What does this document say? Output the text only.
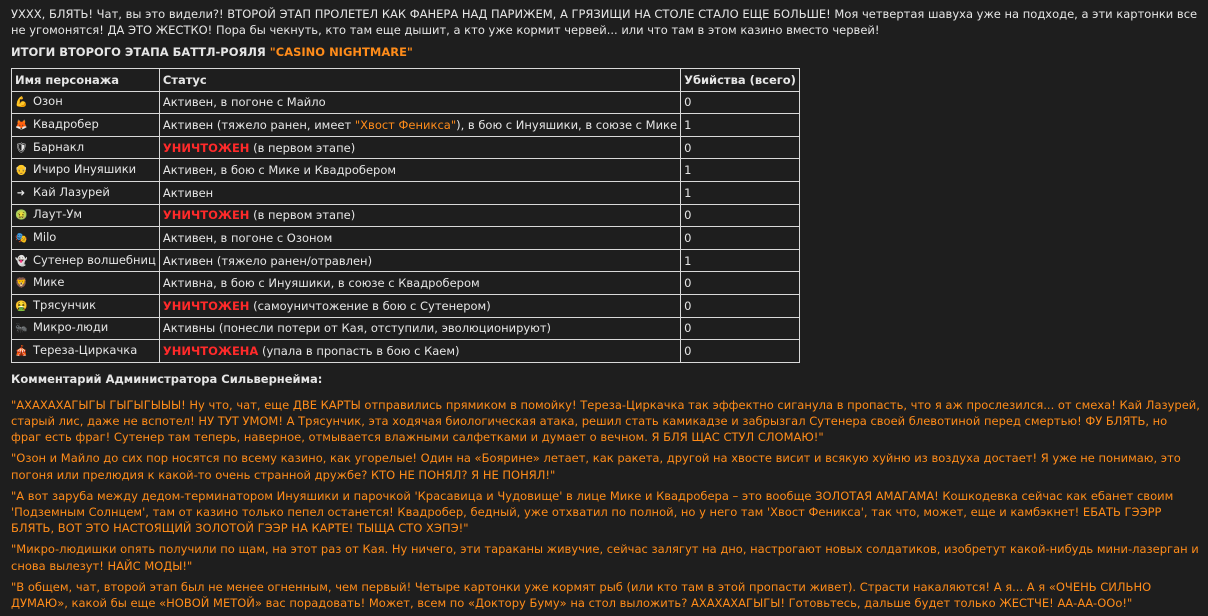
УХХХ, БЛЯТЬ! Чат, вы это видели?! ВТОРОЙ ЭТАП ПРОЛЕТЕЛ КАК ФАНЕРА НАД ПАРИЖЕМ, А ГРЯЗИЩИ НА СТОЛЕ СТАЛО ЕЩЕ БОЛЬШЕ! Моя четвертая шавуха уже на подходе, а эти картонки все не угомонятся! ДА ЭТО ЖЕСТКО! Пора бы чекнуть, кто там еще дышит, а кто уже кормит червей... или что там в этом казино вместо червей!

ИТОГИ ВТОРОГО ЭТАПА БАТТЛ-РОЯЛЯ "CASINO NIGHTMARE"
Имя персонажа	Статус	Убийства (всего)
💪 Озон	Активен, в погоне с Майло	0
🦊 Квадробер	Активен (тяжело ранен, имеет "Хвост Феникса"), в бою с Инуяшики, в союзе с Мике	1
🛡 Барнакл	УНИЧТОЖЕН (в первом этапе)	0
👴 Ичиро Инуяшики	Активен, в бою с Мике и Квадробером	1
➜ Кай Лазурей	Активен	1
🤢 Лаут-Ум	УНИЧТОЖЕН (в первом этапе)	0
🎭 Milo	Активен, в погоне с Озоном	0
👻 Сутенер волшебниц	Активен (тяжело ранен/отравлен)	1
🦁 Мике	Активна, в бою с Инуяшики, в союзе с Квадробером	0
🤮 Трясунчик	УНИЧТОЖЕН (самоуничтожение в бою с Сутенером)	0
🐜 Микро-люди	Активны (понесли потери от Кая, отступили, эволюционируют)	0
🎪 Тереза-Циркачка	УНИЧТОЖЕНА (упала в пропасть в бою с Каем)	0
Комментарий Администратора Сильвернейма:

"АХАХАХАГЫГЫ ГЫГЫГЫЫЫ! Ну что, чат, еще ДВЕ КАРТЫ отправились прямиком в помойку! Тереза-Циркачка так эффектно сиганула в пропасть, что я аж прослезился... от смеха! Кай Лазурей, старый лис, даже не вспотел! НУ ТУТ УМОМ! А Трясунчик, эта ходячая биологическая атака, решил стать камикадзе и забрызгал Сутенера своей блевотиной перед смертью! ФУ БЛЯТЬ, но фраг есть фраг! Сутенер там теперь, наверное, отмывается влажными салфетками и думает о вечном. Я БЛЯ ЩАС СТУЛ СЛОМАЮ!"

"Озон и Майло до сих пор носятся по всему казино, как угорелые! Один на «Бояринe» летает, как ракета, другой на хвосте висит и всякую хуйню из воздуха достает! Я уже не понимаю, это погоня или прелюдия к какой-то очень странной дружбе? КТО НЕ ПОНЯЛ? Я НЕ ПОНЯЛ!"

"А вот заруба между дедом-терминатором Инуяшики и парочкой 'Красавица и Чудовище' в лице Мике и Квадробера – это вообще ЗОЛОТАЯ АМАГАМА! Кошкодевка сейчас как ебанет своим 'Подземным Солнцем', там от казино только пепел останется! Квадробер, бедный, уже отхватил по полной, но у него там 'Хвост Феникса', так что, может, еще и камбэкнет! ЕБАТЬ ГЭЭРР БЛЯТЬ, ВОТ ЭТО НАСТОЯЩИЙ ЗОЛОТОЙ ГЭЭР НА КАРТЕ! ТЫЩА СТО ХЭПЭ!"

"Микро-людишки опять получили по щам, на этот раз от Кая. Ну ничего, эти тараканы живучие, сейчас залягут на дно, настрогают новых солдатиков, изобретут какой-нибудь мини-лазерган и снова вылезут! НАЙС МОДЫ!"

"В общем, чат, второй этап был не менее огненным, чем первый! Четыре картонки уже кормят рыб (или кто там в этой пропасти живет). Страсти накаляются! А я... А я «ОЧЕНЬ СИЛЬНО ДУМАЮ», какой бы еще «НОВОЙ МЕТОЙ» вас порадовать! Может, всем по «Доктору Буму» на стол выложить? АХАХАХАГЫГЫ! Готовьтесь, дальше будет только ЖЕСТЧЕ! АА-АА-ООо!"
